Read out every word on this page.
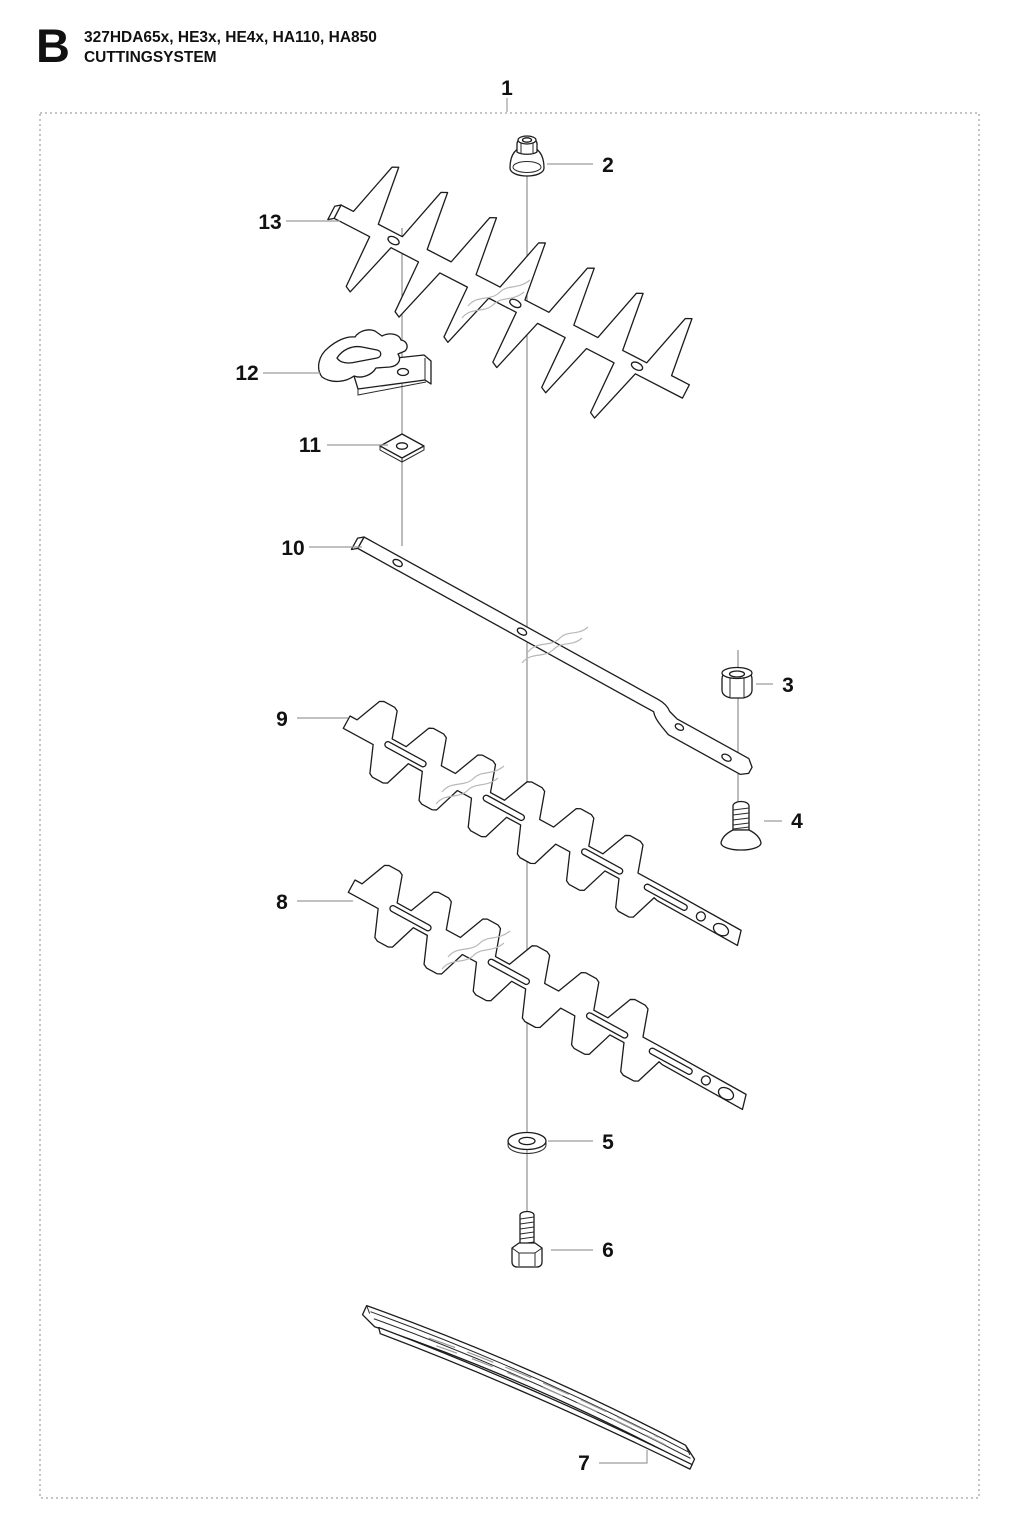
B 327HDA65x, HE3x, HE4x, HA110, HA850
CUTTINGSYSTEM
1
2
3
4
5
6
7
8
9
10
11
12
13
